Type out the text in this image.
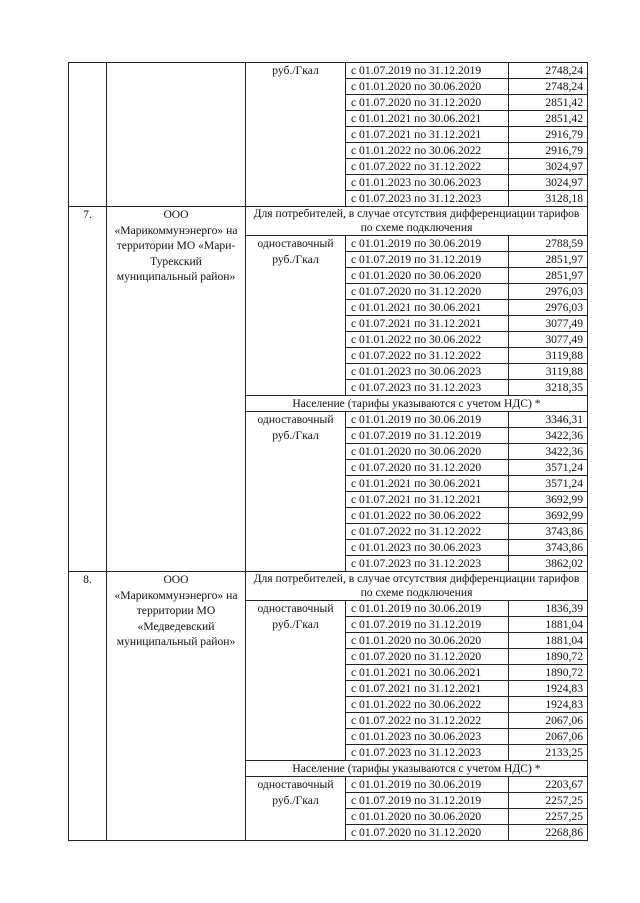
		руб./Гкал	с 01.07.2019 по 31.12.2019	2748,24
			с 01.01.2020 по 30.06.2020	2748,24
			с 01.07.2020 по 31.12.2020	2851,42
			с 01.01.2021 по 30.06.2021	2851,42
			с 01.07.2021 по 31.12.2021	2916,79
			с 01.01.2022 по 30.06.2022	2916,79
			с 01.07.2022 по 31.12.2022	3024,97
			с 01.01.2023 по 30.06.2023	3024,97
			с 01.07.2023 по 31.12.2023	3128,18
7.	ООО «Марикоммунэнерго» на территории МО «Мари-Турекский муниципальный район»	Для потребителей, в случае отсутствия дифференциации тарифов по схеме подключения		
		одноставочный руб./Гкал	с 01.01.2019 по 30.06.2019	2788,59
			с 01.07.2019 по 31.12.2019	2851,97
			с 01.01.2020 по 30.06.2020	2851,97
			с 01.07.2020 по 31.12.2020	2976,03
			с 01.01.2021 по 30.06.2021	2976,03
			с 01.07.2021 по 31.12.2021	3077,49
			с 01.01.2022 по 30.06.2022	3077,49
			с 01.07.2022 по 31.12.2022	3119,88
			с 01.01.2023 по 30.06.2023	3119,88
			с 01.07.2023 по 31.12.2023	3218,35
		Население (тарифы указываются с учетом НДС) *		
		одноставочный руб./Гкал	с 01.01.2019 по 30.06.2019	3346,31
			с 01.07.2019 по 31.12.2019	3422,36
			с 01.01.2020 по 30.06.2020	3422,36
			с 01.07.2020 по 31.12.2020	3571,24
			с 01.01.2021 по 30.06.2021	3571,24
			с 01.07.2021 по 31.12.2021	3692,99
			с 01.01.2022 по 30.06.2022	3692,99
			с 01.07.2022 по 31.12.2022	3743,86
			с 01.01.2023 по 30.06.2023	3743,86
			с 01.07.2023 по 31.12.2023	3862,02
8.	ООО «Марикоммунэнерго» на территории МО «Медведевский муниципальный район»	Для потребителей, в случае отсутствия дифференциации тарифов по схеме подключения		
		одноставочный руб./Гкал	с 01.01.2019 по 30.06.2019	1836,39
			с 01.07.2019 по 31.12.2019	1881,04
			с 01.01.2020 по 30.06.2020	1881,04
			с 01.07.2020 по 31.12.2020	1890,72
			с 01.01.2021 по 30.06.2021	1890,72
			с 01.07.2021 по 31.12.2021	1924,83
			с 01.01.2022 по 30.06.2022	1924,83
			с 01.07.2022 по 31.12.2022	2067,06
			с 01.01.2023 по 30.06.2023	2067,06
			с 01.07.2023 по 31.12.2023	2133,25
		Население (тарифы указываются с учетом НДС) *		
		одноставочный руб./Гкал	с 01.01.2019 по 30.06.2019	2203,67
			с 01.07.2019 по 31.12.2019	2257,25
			с 01.01.2020 по 30.06.2020	2257,25
			с 01.07.2020 по 31.12.2020	2268,86
